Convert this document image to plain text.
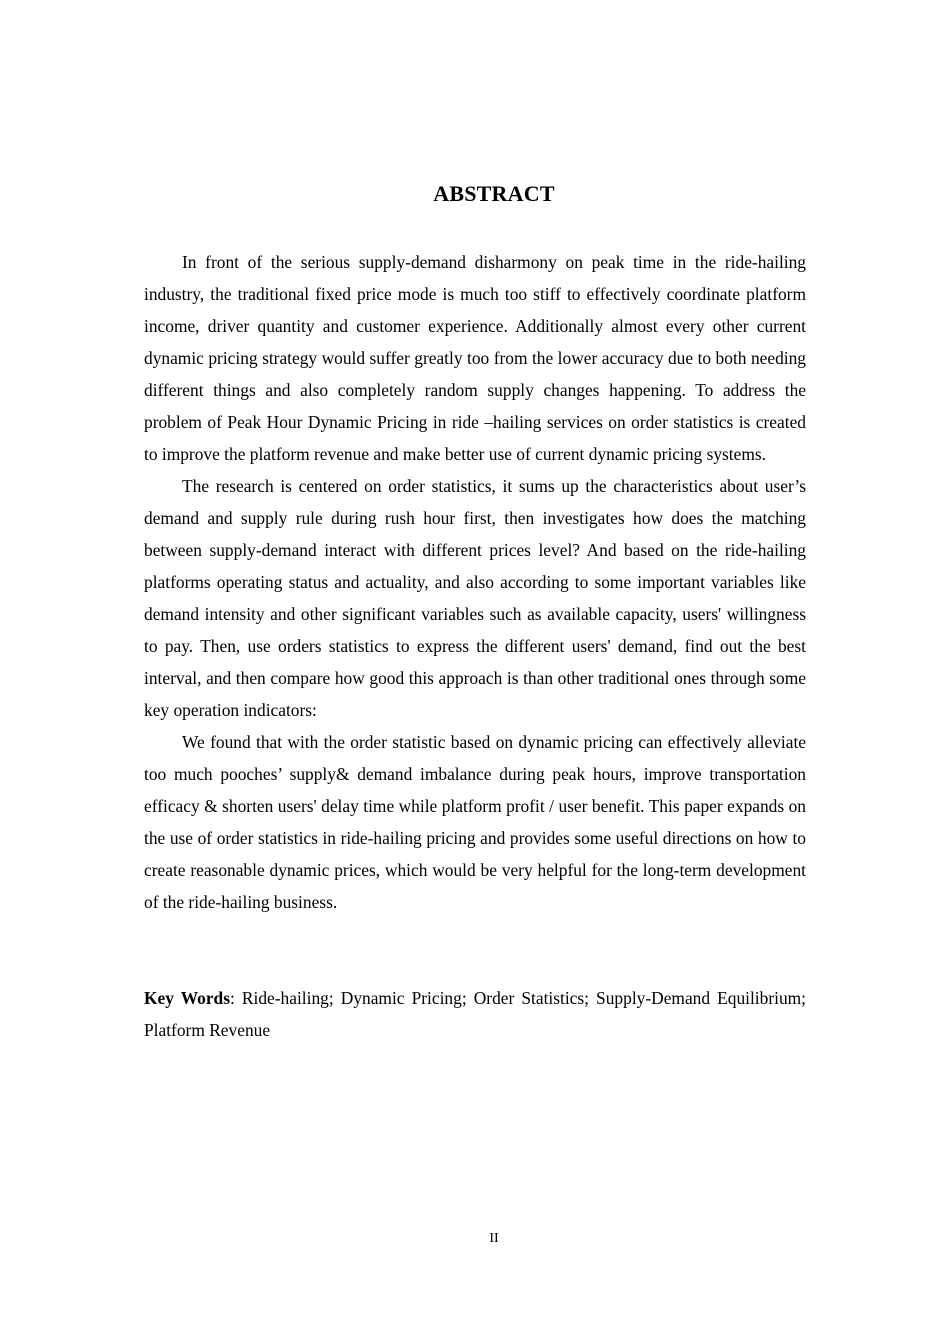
ABSTRACT

In front of the serious supply-demand disharmony on peak time in the ride-hailing industry, the traditional fixed price mode is much too stiff to effectively coordinate platform income, driver quantity and customer experience. Additionally almost every other current dynamic pricing strategy would suffer greatly too from the lower accuracy due to both needing different things and also completely random supply changes happening. To address the problem of Peak Hour Dynamic Pricing in ride –hailing services on order statistics is created to improve the platform revenue and make better use of current dynamic pricing systems.

The research is centered on order statistics, it sums up the characteristics about user’s demand and supply rule during rush hour first, then investigates how does the matching between supply-demand interact with different prices level? And based on the ride-hailing platforms operating status and actuality, and also according to some important variables like demand intensity and other significant variables such as available capacity, users' willingness to pay. Then, use orders statistics to express the different users' demand, find out the best interval, and then compare how good this approach is than other traditional ones through some key operation indicators:

We found that with the order statistic based on dynamic pricing can effectively alleviate too much pooches’ supply& demand imbalance during peak hours, improve transportation efficacy & shorten users' delay time while platform profit / user benefit. This paper expands on the use of order statistics in ride-hailing pricing and provides some useful directions on how to create reasonable dynamic prices, which would be very helpful for the long-term development of the ride-hailing business.

Key Words: Ride-hailing; Dynamic Pricing; Order Statistics; Supply-Demand Equilibrium; Platform Revenue

II
